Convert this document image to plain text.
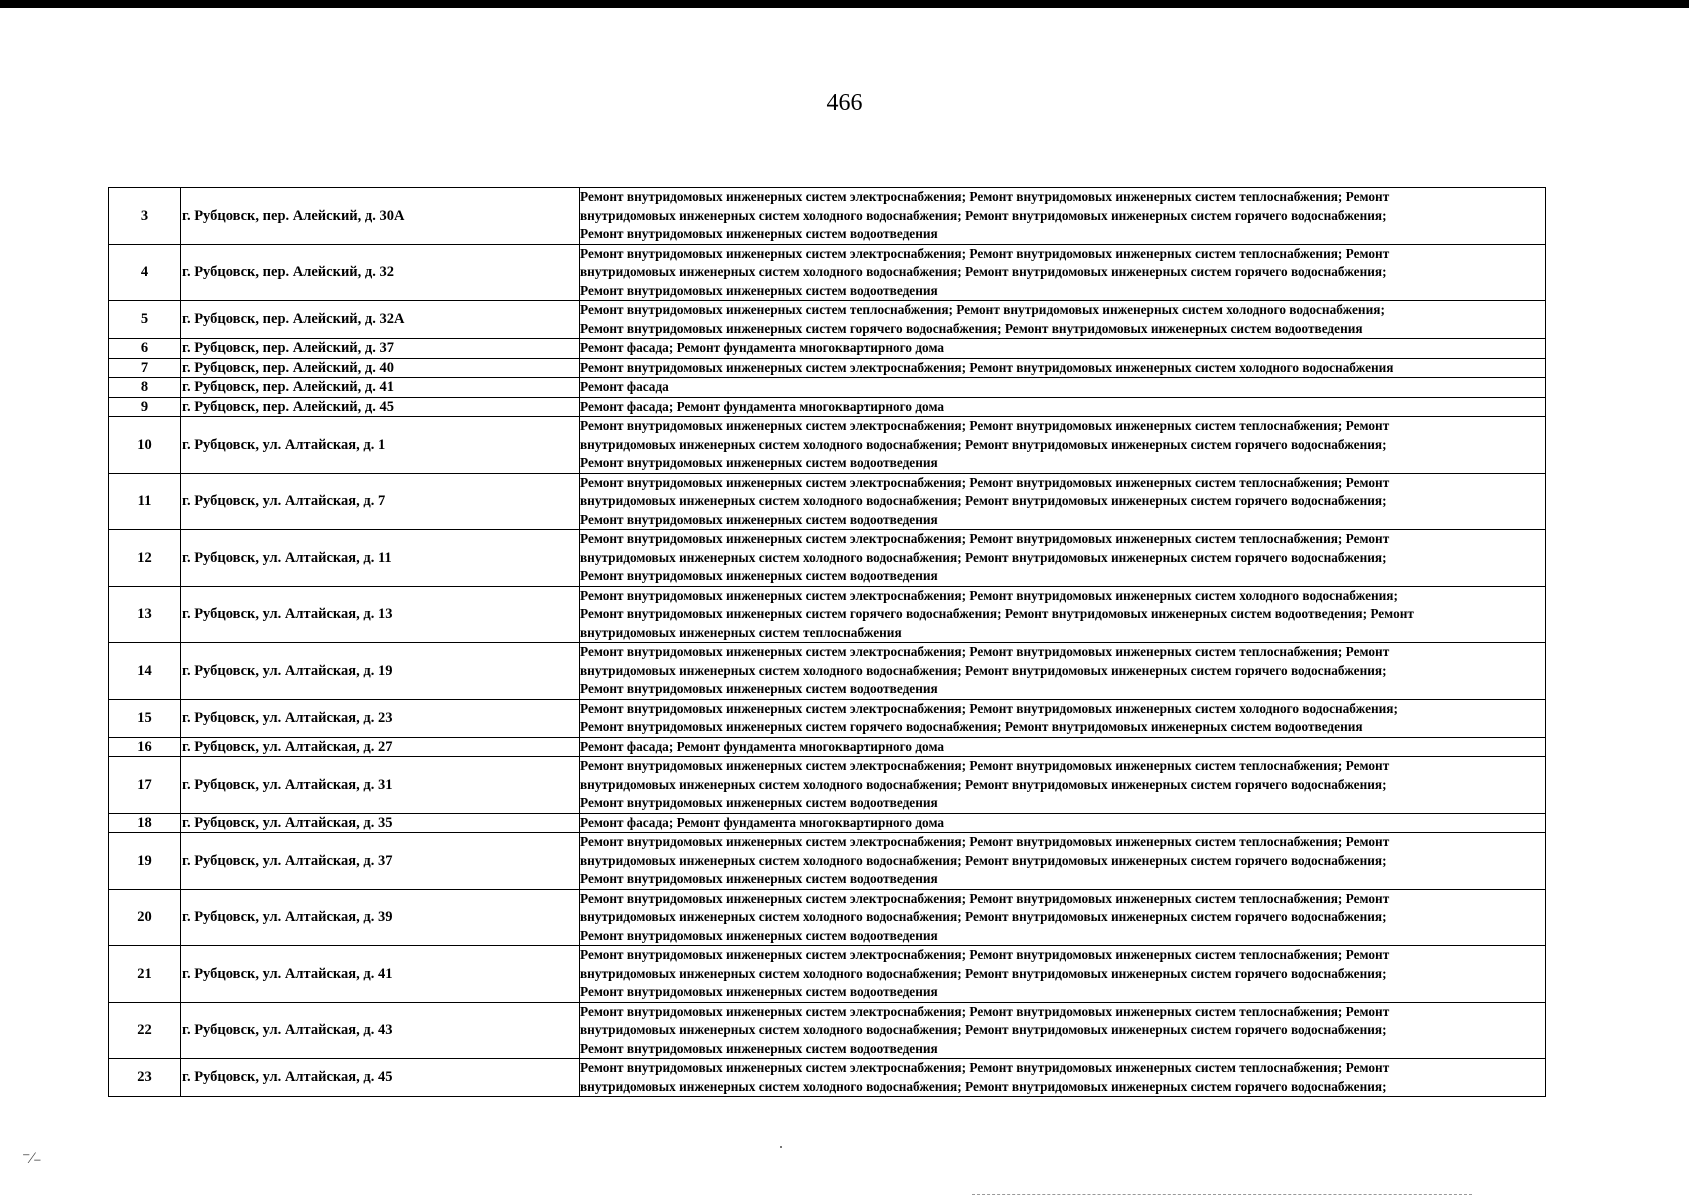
466
3	г. Рубцовск, пер. Алейский, д. 30А	Ремонт внутридомовых инженерных систем электроснабжения; Ремонт внутридомовых инженерных систем теплоснабжения; Ремонт
внутридомовых инженерных систем холодного водоснабжения; Ремонт внутридомовых инженерных систем горячего водоснабжения;
Ремонт внутридомовых инженерных систем водоотведения

4	г. Рубцовск, пер. Алейский, д. 32	Ремонт внутридомовых инженерных систем электроснабжения; Ремонт внутридомовых инженерных систем теплоснабжения; Ремонт
внутридомовых инженерных систем холодного водоснабжения; Ремонт внутридомовых инженерных систем горячего водоснабжения;
Ремонт внутридомовых инженерных систем водоотведения

5	г. Рубцовск, пер. Алейский, д. 32А	Ремонт внутридомовых инженерных систем теплоснабжения; Ремонт внутридомовых инженерных систем холодного водоснабжения;
Ремонт внутридомовых инженерных систем горячего водоснабжения; Ремонт внутридомовых инженерных систем водоотведения

6	г. Рубцовск, пер. Алейский, д. 37	Ремонт фасада; Ремонт фундамента многоквартирного дома

7	г. Рубцовск, пер. Алейский, д. 40	Ремонт внутридомовых инженерных систем электроснабжения; Ремонт внутридомовых инженерных систем холодного водоснабжения

8	г. Рубцовск, пер. Алейский, д. 41	Ремонт фасада

9	г. Рубцовск, пер. Алейский, д. 45	Ремонт фасада; Ремонт фундамента многоквартирного дома

10	г. Рубцовск, ул. Алтайская, д. 1	Ремонт внутридомовых инженерных систем электроснабжения; Ремонт внутридомовых инженерных систем теплоснабжения; Ремонт
внутридомовых инженерных систем холодного водоснабжения; Ремонт внутридомовых инженерных систем горячего водоснабжения;
Ремонт внутридомовых инженерных систем водоотведения

11	г. Рубцовск, ул. Алтайская, д. 7	Ремонт внутридомовых инженерных систем электроснабжения; Ремонт внутридомовых инженерных систем теплоснабжения; Ремонт
внутридомовых инженерных систем холодного водоснабжения; Ремонт внутридомовых инженерных систем горячего водоснабжения;
Ремонт внутридомовых инженерных систем водоотведения

12	г. Рубцовск, ул. Алтайская, д. 11	Ремонт внутридомовых инженерных систем электроснабжения; Ремонт внутридомовых инженерных систем теплоснабжения; Ремонт
внутридомовых инженерных систем холодного водоснабжения; Ремонт внутридомовых инженерных систем горячего водоснабжения;
Ремонт внутридомовых инженерных систем водоотведения

13	г. Рубцовск, ул. Алтайская, д. 13	Ремонт внутридомовых инженерных систем электроснабжения; Ремонт внутридомовых инженерных систем холодного водоснабжения;
Ремонт внутридомовых инженерных систем горячего водоснабжения; Ремонт внутридомовых инженерных систем водоотведения; Ремонт
внутридомовых инженерных систем теплоснабжения

14	г. Рубцовск, ул. Алтайская, д. 19	Ремонт внутридомовых инженерных систем электроснабжения; Ремонт внутридомовых инженерных систем теплоснабжения; Ремонт
внутридомовых инженерных систем холодного водоснабжения; Ремонт внутридомовых инженерных систем горячего водоснабжения;
Ремонт внутридомовых инженерных систем водоотведения

15	г. Рубцовск, ул. Алтайская, д. 23	Ремонт внутридомовых инженерных систем электроснабжения; Ремонт внутридомовых инженерных систем холодного водоснабжения;
Ремонт внутридомовых инженерных систем горячего водоснабжения; Ремонт внутридомовых инженерных систем водоотведения

16	г. Рубцовск, ул. Алтайская, д. 27	Ремонт фасада; Ремонт фундамента многоквартирного дома

17	г. Рубцовск, ул. Алтайская, д. 31	Ремонт внутридомовых инженерных систем электроснабжения; Ремонт внутридомовых инженерных систем теплоснабжения; Ремонт
внутридомовых инженерных систем холодного водоснабжения; Ремонт внутридомовых инженерных систем горячего водоснабжения;
Ремонт внутридомовых инженерных систем водоотведения

18	г. Рубцовск, ул. Алтайская, д. 35	Ремонт фасада; Ремонт фундамента многоквартирного дома

19	г. Рубцовск, ул. Алтайская, д. 37	Ремонт внутридомовых инженерных систем электроснабжения; Ремонт внутридомовых инженерных систем теплоснабжения; Ремонт
внутридомовых инженерных систем холодного водоснабжения; Ремонт внутридомовых инженерных систем горячего водоснабжения;
Ремонт внутридомовых инженерных систем водоотведения

20	г. Рубцовск, ул. Алтайская, д. 39	Ремонт внутридомовых инженерных систем электроснабжения; Ремонт внутридомовых инженерных систем теплоснабжения; Ремонт
внутридомовых инженерных систем холодного водоснабжения; Ремонт внутридомовых инженерных систем горячего водоснабжения;
Ремонт внутридомовых инженерных систем водоотведения

21	г. Рубцовск, ул. Алтайская, д. 41	Ремонт внутридомовых инженерных систем электроснабжения; Ремонт внутридомовых инженерных систем теплоснабжения; Ремонт
внутридомовых инженерных систем холодного водоснабжения; Ремонт внутридомовых инженерных систем горячего водоснабжения;
Ремонт внутридомовых инженерных систем водоотведения

22	г. Рубцовск, ул. Алтайская, д. 43	Ремонт внутридомовых инженерных систем электроснабжения; Ремонт внутридомовых инженерных систем теплоснабжения; Ремонт
внутридомовых инженерных систем холодного водоснабжения; Ремонт внутридомовых инженерных систем горячего водоснабжения;
Ремонт внутридомовых инженерных систем водоотведения

23	г. Рубцовск, ул. Алтайская, д. 45	Ремонт внутридомовых инженерных систем электроснабжения; Ремонт внутридомовых инженерных систем теплоснабжения; Ремонт
внутридомовых инженерных систем холодного водоснабжения; Ремонт внутридомовых инженерных систем горячего водоснабжения;
⁻⁄₋
